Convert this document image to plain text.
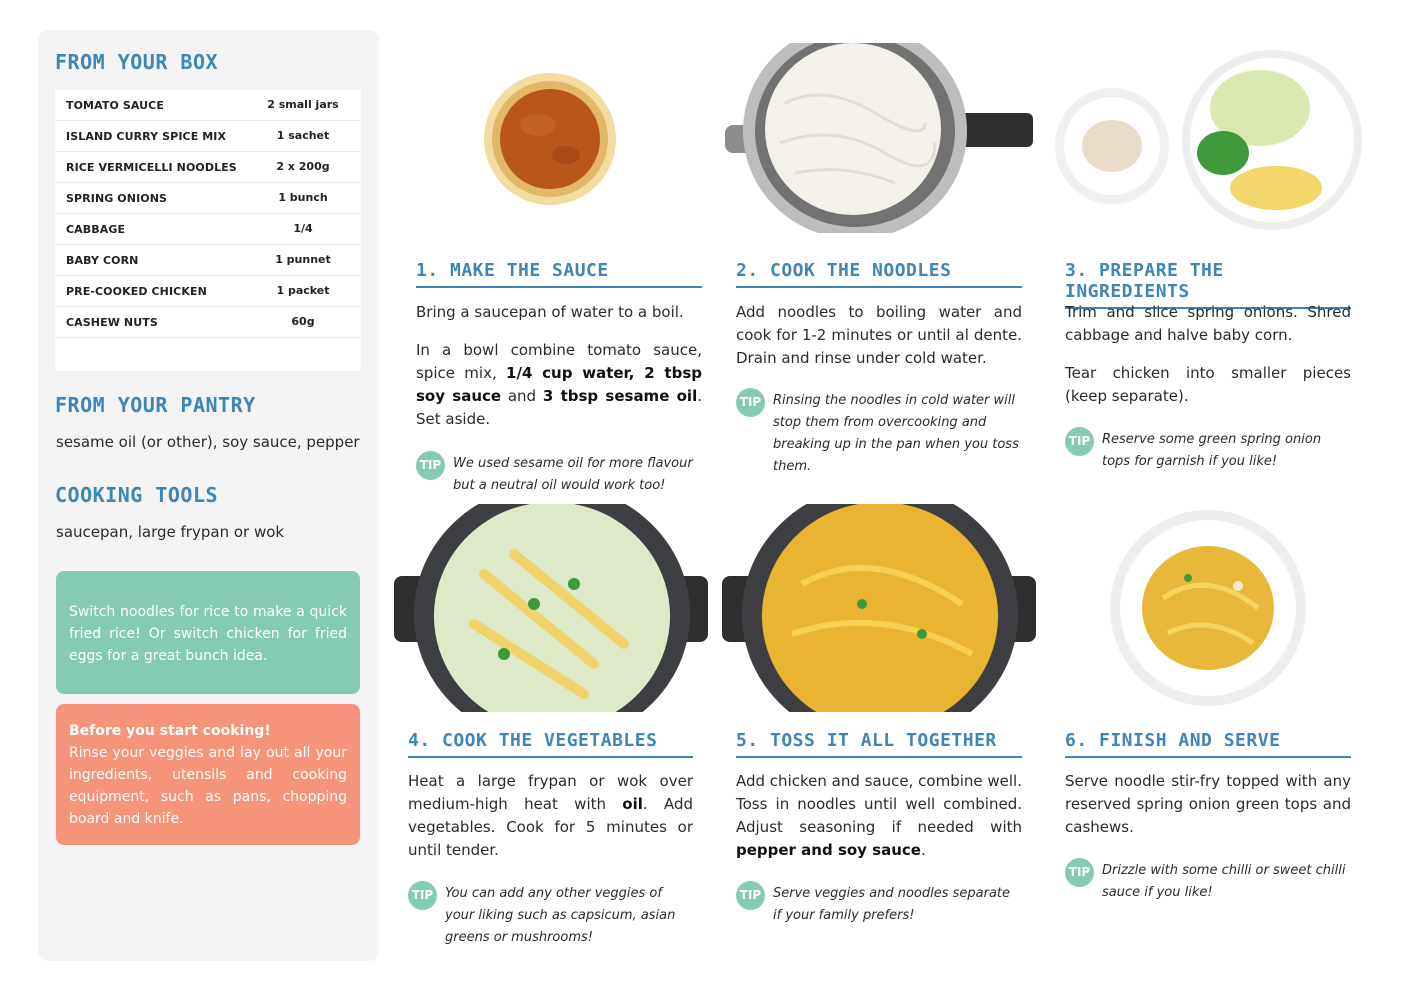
FROM YOUR BOX
TOMATO SAUCE	2 small jars
ISLAND CURRY SPICE MIX	1 sachet
RICE VERMICELLI NOODLES	2 x 200g
SPRING ONIONS	1 bunch
CABBAGE	1/4
BABY CORN	1 punnet
PRE-COOKED CHICKEN	1 packet
CASHEW NUTS	60g
FROM YOUR PANTRY
sesame oil (or other), soy sauce, pepper
COOKING TOOLS
saucepan, large frypan or wok
Switch noodles for rice to make a quick fried rice! Or switch chicken for fried eggs for a great bunch idea.
Before you start cooking!
Rinse your veggies and lay out all your ingredients, utensils and cooking equipment, such as pans, chopping board and knife.
1. MAKE THE SAUCE

Bring a saucepan of water to a boil.

In a bowl combine tomato sauce, spice mix, 1/4 cup water, 2 tbsp soy sauce and 3 tbsp sesame oil. Set aside.

TIP We used sesame oil for more flavour but a neutral oil would work too!
2. COOK THE NOODLES
Add noodles to boiling water and cook for 1-2 minutes or until al dente. Drain and rinse under cold water.
TIP Rinsing the noodles in cold water will stop them from overcooking and breaking up in the pan when you toss them.
3. PREPARE THE INGREDIENTS

Trim and slice spring onions. Shred cabbage and halve baby corn.

Tear chicken into smaller pieces (keep separate).

TIP Reserve some green spring onion tops for garnish if you like!
4. COOK THE VEGETABLES
Heat a large frypan or wok over medium-high heat with oil. Add vegetables. Cook for 5 minutes or until tender.
TIP You can add any other veggies of your liking such as capsicum, asian greens or mushrooms!
5. TOSS IT ALL TOGETHER
Add chicken and sauce, combine well. Toss in noodles until well combined. Adjust seasoning if needed with pepper and soy sauce.
TIP Serve veggies and noodles separate if your family prefers!
6. FINISH AND SERVE
Serve noodle stir-fry topped with any reserved spring onion green tops and cashews.
TIP Drizzle with some chilli or sweet chilli sauce if you like!
